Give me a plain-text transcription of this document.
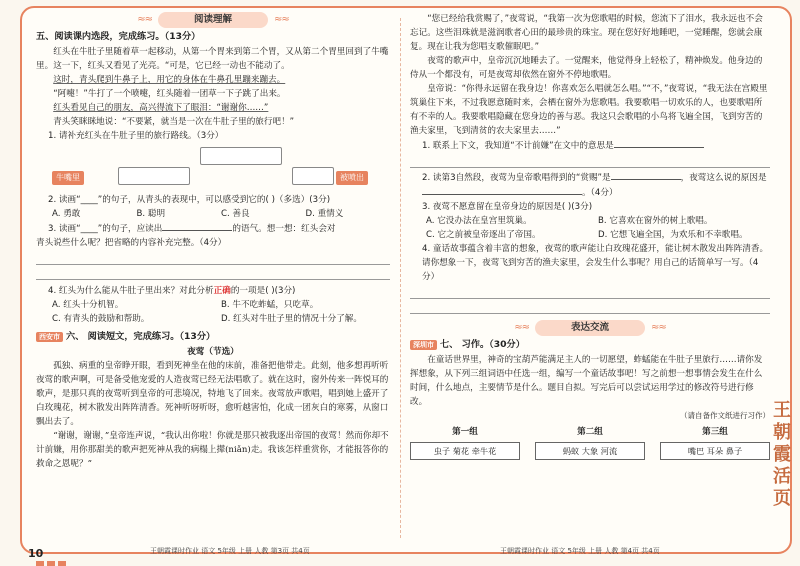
≈≈	阅读理解	≈≈
五、阅读课内选段，完成练习。（13分）

红头在牛肚子里随着草一起移动，从第一个胃来到第二个胃，又从第二个胃里回到了牛嘴里。这一下，红头又看见了光亮。“可是，它已经一动也不能动了。

这时，青头爬到牛鼻子上，用它的身体在牛鼻孔里蹦来蹦去。

“阿嚏！”牛打了一个喷嚏，红头随着一团草一下子跳了出来。

红头看见自己的朋友，高兴得流下了眼泪：“谢谢你……”

青头笑眯眯地说：“不要紧，就当是一次在牛肚子里的旅行吧！”

1. 请补充红头在牛肚子里的旅行路线。（3分）

牛嘴里	被喷出

2. 读画“____”的句子，从青头的表现中，可以感受到它的( )（多选）(3分)

A. 勇敢	B. 聪明	C. 善良	D. 重情义

3. 读画“____”的句子，应读出	的语气。想一想：红头会对

青头说些什么呢？把省略的内容补充完整。（4分）

4. 红头为什么能从牛肚子里出来？对此分析正确的一项是( )(3分)

A. 红头十分机智。	B. 牛不吃蚱蜢，只吃草。
C. 有青头的鼓励和帮助。	D. 红头对牛肚子里的情况十分了解。

西安市 六、 阅读短文，完成练习。（13分）

夜莺（节选）

孤独、病重的皇帝睁开眼，看到死神坐在他的床前，准备把他带走。此刻，他多想再听听夜莺的歌声啊，可是备受他宠爱的人造夜莺已经无法唱歌了。就在这时，窗外传来一阵悦耳的歌声，是那只真的夜莺听到皇帝的可悲境况，特地飞了回来。夜莺放声歌唱，唱到她上盛开了白玫瑰花，树木散发出阵阵清香。死神听呀听呀，愈听越害怕，化成一团灰白的寒雾，从窗口飘出去了。

“谢谢，谢谢，”皇帝连声说，“我认出你啦！你就是那只被我逐出帝国的夜莺！然而你却不计前嫌，用你那甜美的歌声把死神从我的病榻上撵(niǎn)走。我该怎样重赏你，才能报答你的救命之恩呢？”

10	王朝霞课时作业 语文 5年级 上册 人教 第3页 共4页

“您已经给我赏赐了，”夜莺说，“我第一次为您歌唱的时候，您流下了泪水，我永远也不会忘记。这些泪珠就是滋润歌者心田的最珍贵的珠宝。现在您好好地睡吧，一觉睡醒，您就会康复。现在让我为您唱支歌催眠吧。”

夜莺的歌声中，皇帝沉沉地睡去了。一觉醒来，他觉得身上轻松了，精神焕发。他身边的侍从一个都没有，可是夜莺却依然在窗外不停地歌唱。

皇帝说：“你得永远留在我身边！你喜欢怎么唱就怎么唱。”“不，”夜莺说，“我无法在宫殿里筑巢住下来，不过我愿意随时来，会栖在窗外为您歌唱。我要歌唱一切欢乐的人，也要歌唱所有不幸的人。我要歌唱隐藏在您身边的善与恶。我这只会歌唱的小鸟将飞遍全国，飞到穷苦的渔夫家里，飞到清贫的农夫家里去……”

1. 联系上下文，我知道“不计前嫌”在文中的意思是

2. 读第3自然段，夜莺为皇帝歌唱得到的“赏赐”是	，夜莺这么说的原因是。（4分）

3. 夜莺不愿意留在皇帝身边的原因是( )(3分)

A. 它没办法在皇宫里筑巢。	B. 它喜欢在窗外的树上歌唱。
C. 它之前被皇帝逐出了帝国。	D. 它想飞遍全国，为欢乐和不幸歌唱。

4. 童话故事蕴含着丰富的想象，夜莺的歌声能让白玫瑰花盛开，能让树木散发出阵阵清香。请你想象一下，夜莺飞到穷苦的渔夫家里，会发生什么事呢？用自己的话简单写一写。（4分）

≈≈	表达交流	≈≈

深圳市 七、 习作。（30分）

在童话世界里，神奇的宝葫芦能满足主人的一切愿望，蚱蜢能在牛肚子里旅行……请你发挥想象，从下列三组词语中任选一组，编写一个童话故事吧！写之前想一想事情会发生在什么时间，什么地点，主要情节是什么。题目自拟。写完后可以尝试运用学过的修改符号进行修改。

（请自备作文纸进行习作）

第一组
虫子 菊花 牵牛花
第二组
蚂蚁 大象 河流
第三组
嘴巴 耳朵 鼻子
王朝霞课时作业 语文 5年级 上册 人教 第4页 共4页
王朝霞活页
